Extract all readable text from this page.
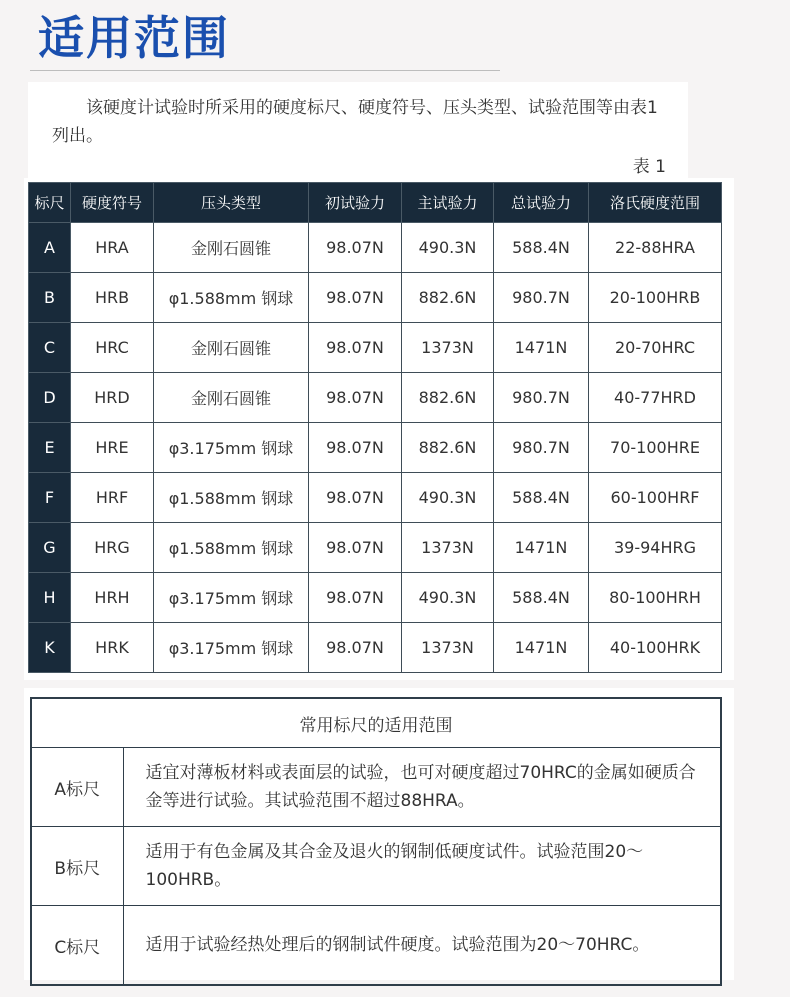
适用范围

该硬度计试验时所采用的硬度标尺、硬度符号、压头类型、试验范围等由表1列出。

表 1
标尺	硬度符号	压头类型	初试验力	主试验力	总试验力	洛氏硬度范围
A	HRA	金刚石圆锥	98.07N	490.3N	588.4N	22-88HRA
B	HRB	φ1.588mm 钢球	98.07N	882.6N	980.7N	20-100HRB
C	HRC	金刚石圆锥	98.07N	1373N	1471N	20-70HRC
D	HRD	金刚石圆锥	98.07N	882.6N	980.7N	40-77HRD
E	HRE	φ3.175mm 钢球	98.07N	882.6N	980.7N	70-100HRE
F	HRF	φ1.588mm 钢球	98.07N	490.3N	588.4N	60-100HRF
G	HRG	φ1.588mm 钢球	98.07N	1373N	1471N	39-94HRG
H	HRH	φ3.175mm 钢球	98.07N	490.3N	588.4N	80-100HRH
K	HRK	φ3.175mm 钢球	98.07N	1373N	1471N	40-100HRK
常用标尺的适用范围	
A标尺	适宜对薄板材料或表面层的试验，也可对硬度超过70HRC的金属如硬质合金等进行试验。其试验范围不超过88HRA。
B标尺	适用于有色金属及其合金及退火的钢制低硬度试件。试验范围20～100HRB。
C标尺	适用于试验经热处理后的钢制试件硬度。试验范围为20～70HRC。
